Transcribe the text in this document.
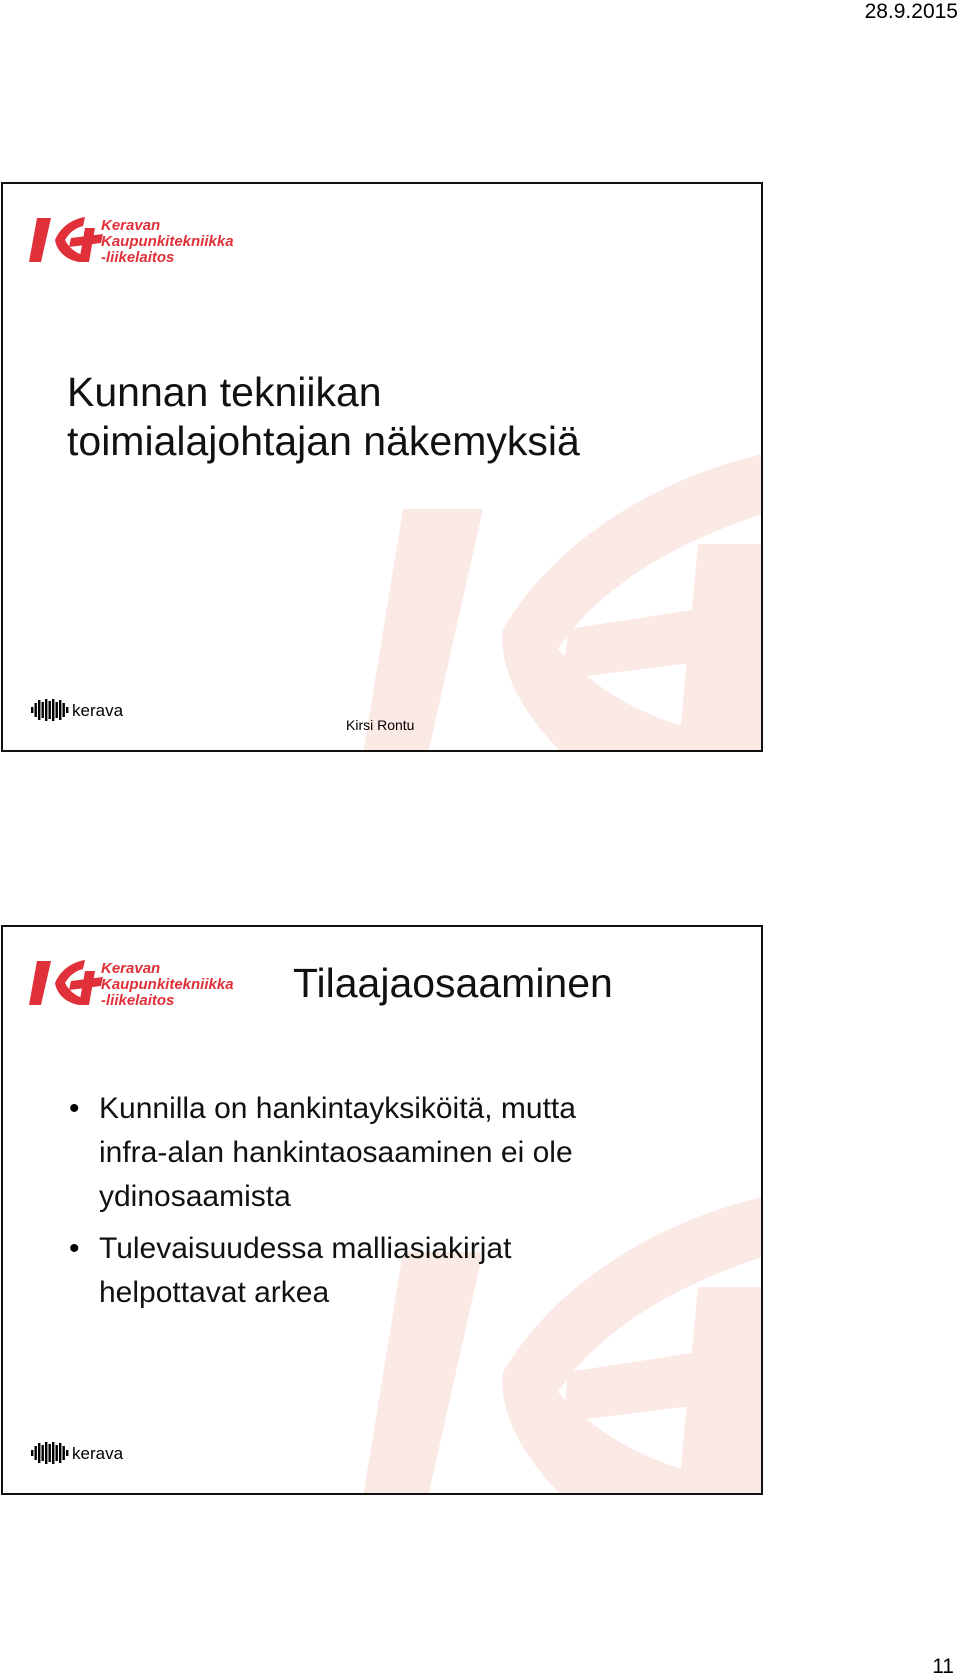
28.9.2015
Keravan
Kaupunkitekniikka
-liikelaitos
Kunnan tekniikan
toimialajohtajan näkemyksiä
kerava
Kirsi Rontu
Keravan
Kaupunkitekniikka
-liikelaitos	Tilaajaosaaminen
• Kunnilla on hankintayksiköitä, mutta
infra-alan hankintaosaaminen ei ole
ydinosaamista
• Tulevaisuudessa malliasiakirjat
helpottavat arkea
kerava
11
